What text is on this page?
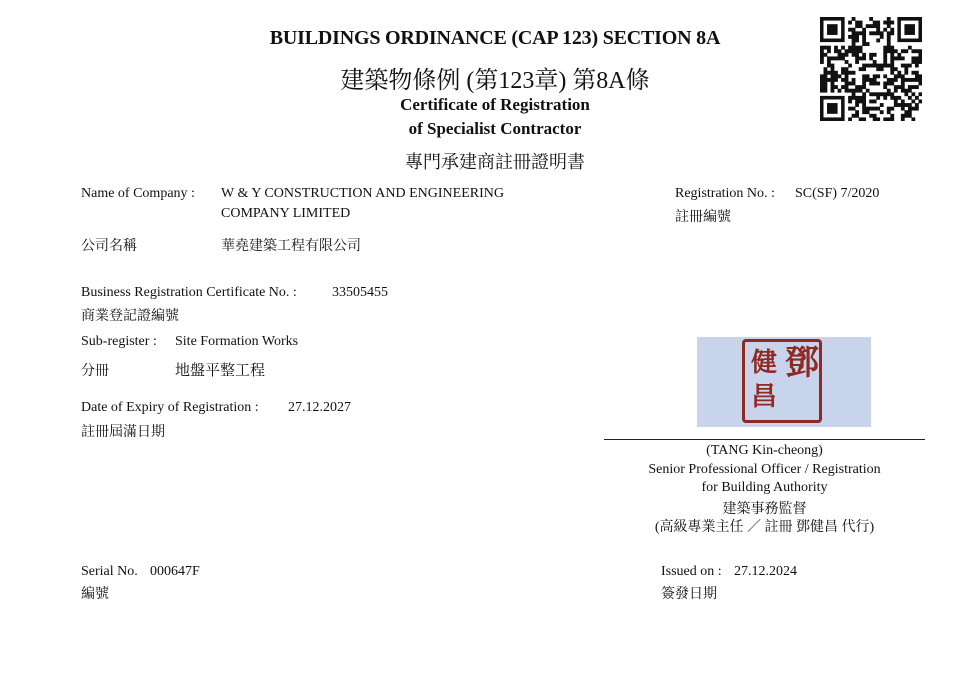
BUILDINGS ORDINANCE (CAP 123) SECTION 8A
建築物條例 (第123章) 第8A條
Certificate of Registration
of Specialist Contractor
專門承建商註冊證明書
Name of Company : W & Y CONSTRUCTION AND ENGINEERING
COMPANY LIMITED
公司名稱	華堯建築工程有限公司
Registration No. : SC(SF) 7/2020
註冊編號
Business Registration Certificate No. :	33505455
商業登記證編號
Sub-register : Site Formation Works
分冊	地盤平整工程
Date of Expiry of Registration : 27.12.2027
註冊屆滿日期
鄧
健
昌
(TANG Kin-cheong)
Senior Professional Officer / Registration
for Building Authority
建築事務監督
(高級專業主任 ／ 註冊 鄧健昌 代行)
Serial No. 000647F
編號
Issued on : 27.12.2024
簽發日期
